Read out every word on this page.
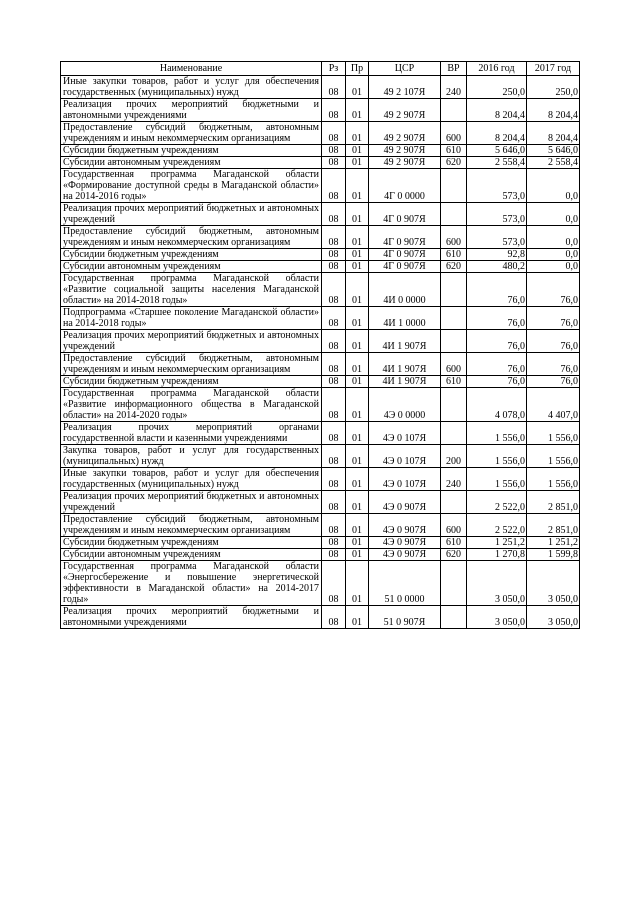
Наименование	Рз	Пр	ЦСР	ВР	2016 год	2017 год
Иные закупки товаров, работ и услуг для обеспечения государственных (муниципальных) нужд	08	01	49 2 107Я	240	250,0	250,0
Реализация прочих мероприятий бюджетными и автономными учреждениями	08	01	49 2 907Я		8 204,4	8 204,4
Предоставление субсидий бюджетным, автономным учреждениям и иным некоммерческим организациям	08	01	49 2 907Я	600	8 204,4	8 204,4
Субсидии бюджетным учреждениям	08	01	49 2 907Я	610	5 646,0	5 646,0
Субсидии автономным учреждениям	08	01	49 2 907Я	620	2 558,4	2 558,4
Государственная программа Магаданской области «Формирование доступной среды в Магаданской области» на 2014-2016 годы»	08	01	4Г 0 0000		573,0	0,0
Реализация прочих мероприятий бюджетных и автономных учреждений	08	01	4Г 0 907Я		573,0	0,0
Предоставление субсидий бюджетным, автономным учреждениям и иным некоммерческим организациям	08	01	4Г 0 907Я	600	573,0	0,0
Субсидии бюджетным учреждениям	08	01	4Г 0 907Я	610	92,8	0,0
Субсидии автономным учреждениям	08	01	4Г 0 907Я	620	480,2	0,0
Государственная программа Магаданской области «Развитие социальной защиты населения Магаданской области» на 2014-2018 годы»	08	01	4И 0 0000		76,0	76,0
Подпрограмма «Старшее поколение Магаданской области» на 2014-2018 годы»	08	01	4И 1 0000		76,0	76,0
Реализация прочих мероприятий бюджетных и автономных учреждений	08	01	4И 1 907Я		76,0	76,0
Предоставление субсидий бюджетным, автономным учреждениям и иным некоммерческим организациям	08	01	4И 1 907Я	600	76,0	76,0
Субсидии бюджетным учреждениям	08	01	4И 1 907Я	610	76,0	76,0
Государственная программа Магаданской области «Развитие информационного общества в Магаданской области» на 2014-2020 годы»	08	01	4Э 0 0000		4 078,0	4 407,0
Реализация прочих мероприятий органами государственной власти и казенными учреждениями	08	01	4Э 0 107Я		1 556,0	1 556,0
Закупка товаров, работ и услуг для государственных (муниципальных) нужд	08	01	4Э 0 107Я	200	1 556,0	1 556,0
Иные закупки товаров, работ и услуг для обеспечения государственных (муниципальных) нужд	08	01	4Э 0 107Я	240	1 556,0	1 556,0
Реализация прочих мероприятий бюджетных и автономных учреждений	08	01	4Э 0 907Я		2 522,0	2 851,0
Предоставление субсидий бюджетным, автономным учреждениям и иным некоммерческим организациям	08	01	4Э 0 907Я	600	2 522,0	2 851,0
Субсидии бюджетным учреждениям	08	01	4Э 0 907Я	610	1 251,2	1 251,2
Субсидии автономным учреждениям	08	01	4Э 0 907Я	620	1 270,8	1 599,8
Государственная программа Магаданской области «Энергосбережение и повышение энергетической эффективности в Магаданской области» на 2014-2017 годы»	08	01	51 0 0000		3 050,0	3 050,0
Реализация прочих мероприятий бюджетными и автономными учреждениями	08	01	51 0 907Я		3 050,0	3 050,0
